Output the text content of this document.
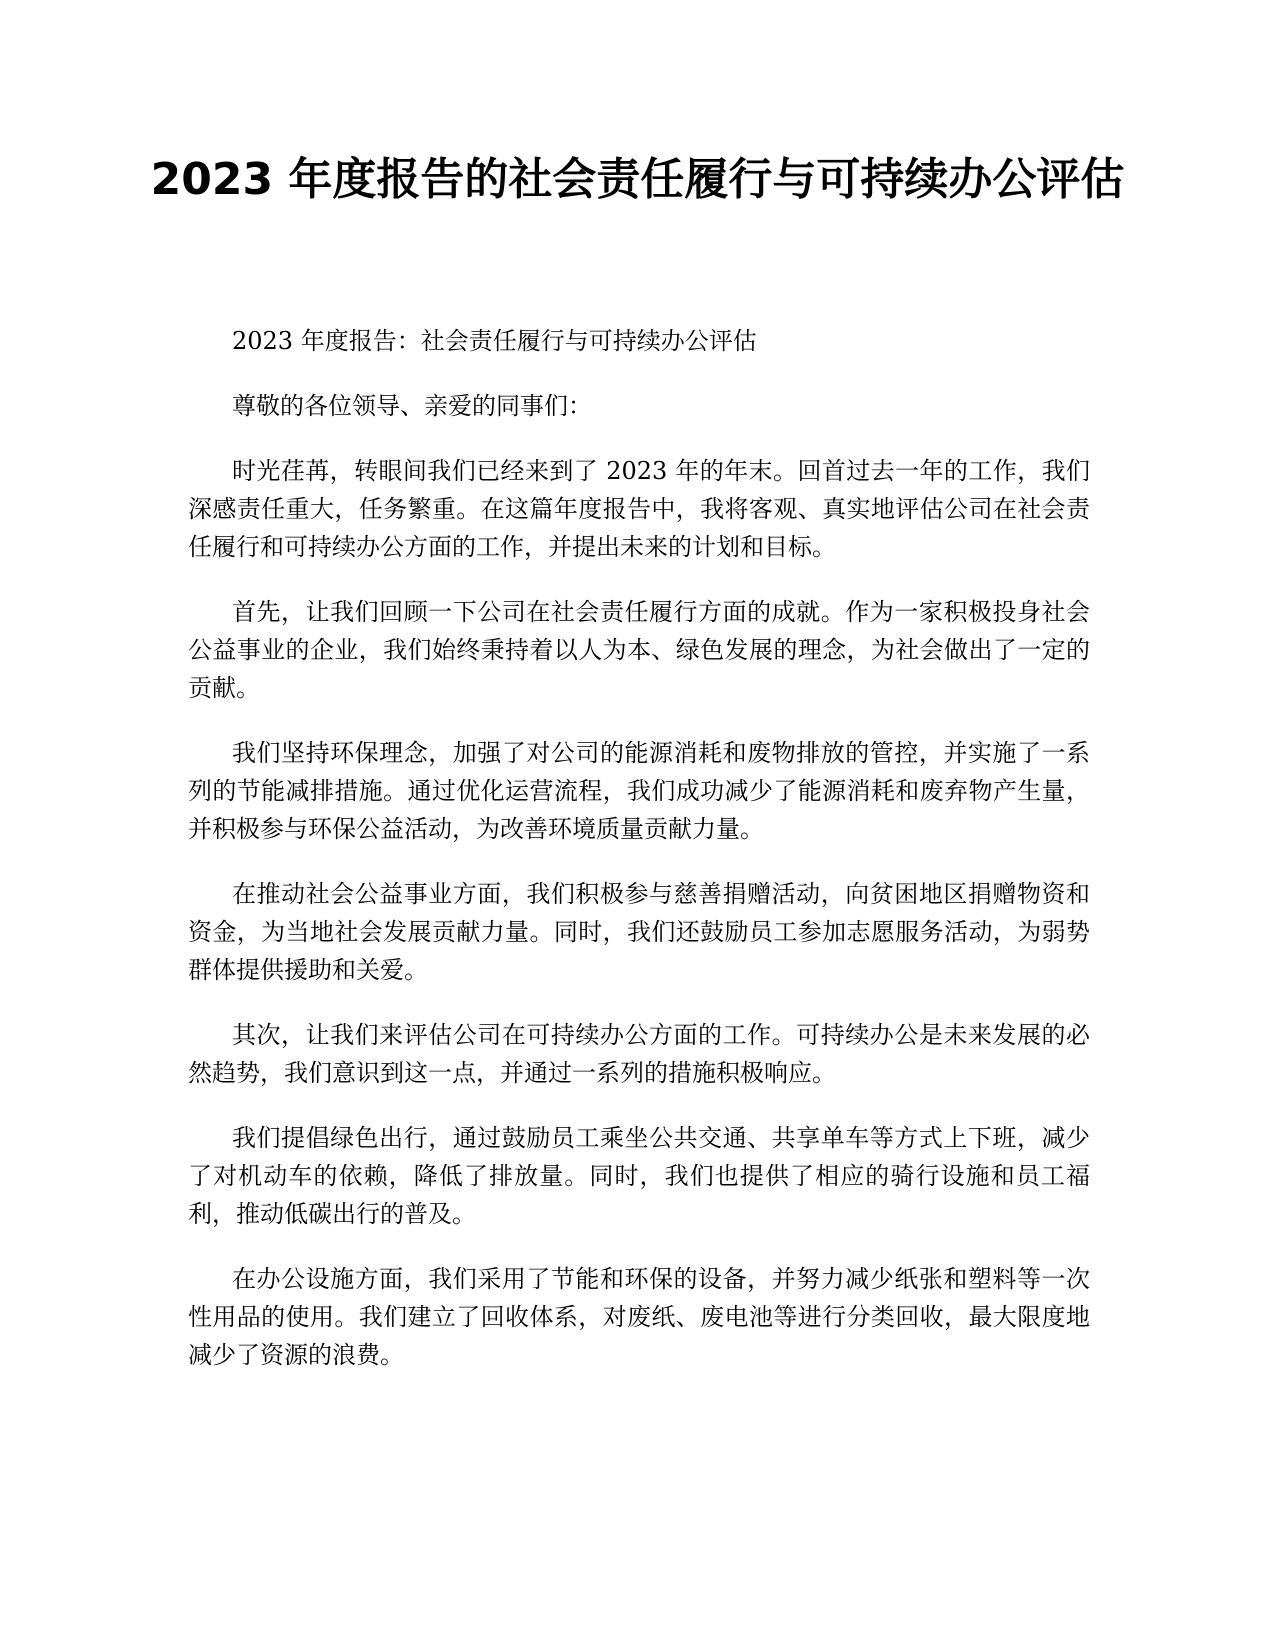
2023 年度报告的社会责任履行与可持续办公评估

2023 年度报告：社会责任履行与可持续办公评估

尊敬的各位领导、亲爱的同事们：

时光荏苒，转眼间我们已经来到了 2023 年的年末。回首过去一年的工作，我们深感责任重大，任务繁重。在这篇年度报告中，我将客观、真实地评估公司在社会责任履行和可持续办公方面的工作，并提出未来的计划和目标。

首先，让我们回顾一下公司在社会责任履行方面的成就。作为一家积极投身社会公益事业的企业，我们始终秉持着以人为本、绿色发展的理念，为社会做出了一定的贡献。

我们坚持环保理念，加强了对公司的能源消耗和废物排放的管控，并实施了一系列的节能减排措施。通过优化运营流程，我们成功减少了能源消耗和废弃物产生量，并积极参与环保公益活动，为改善环境质量贡献力量。

在推动社会公益事业方面，我们积极参与慈善捐赠活动，向贫困地区捐赠物资和资金，为当地社会发展贡献力量。同时，我们还鼓励员工参加志愿服务活动，为弱势群体提供援助和关爱。

其次，让我们来评估公司在可持续办公方面的工作。可持续办公是未来发展的必然趋势，我们意识到这一点，并通过一系列的措施积极响应。

我们提倡绿色出行，通过鼓励员工乘坐公共交通、共享单车等方式上下班，减少了对机动车的依赖，降低了排放量。同时，我们也提供了相应的骑行设施和员工福利，推动低碳出行的普及。

在办公设施方面，我们采用了节能和环保的设备，并努力减少纸张和塑料等一次性用品的使用。我们建立了回收体系，对废纸、废电池等进行分类回收，最大限度地减少了资源的浪费。
